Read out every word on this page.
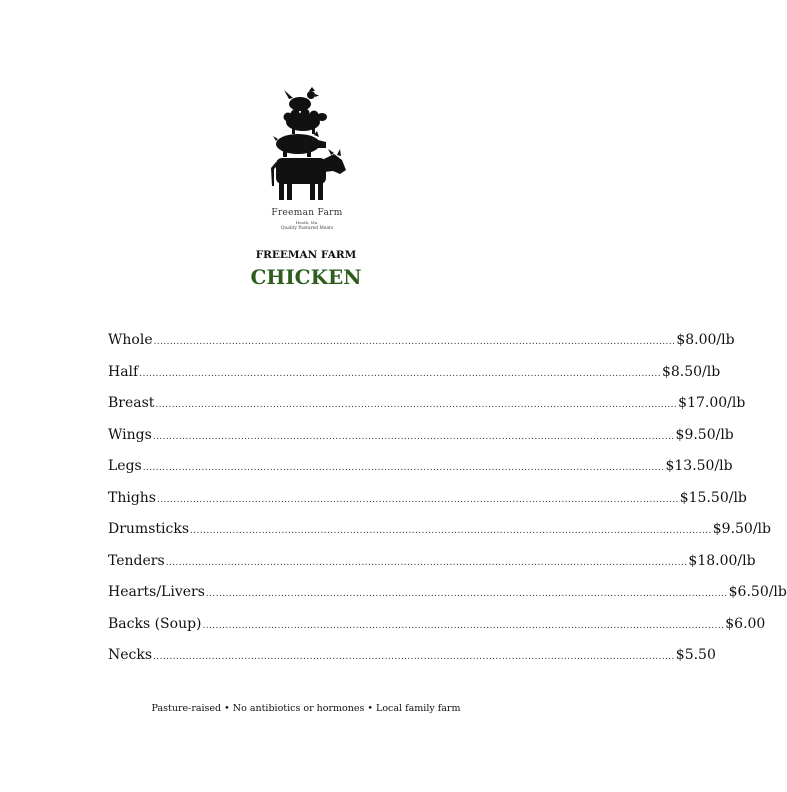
Freeman Farm
Heath, Ma.
Quality Pastured Meats
FREEMAN FARM
CHICKEN
Whole ................................................................................................................................................................ $8.00/lb
Half ................................................................................................................................................................ $8.50/lb
Breast ................................................................................................................................................................ $17.00/lb
Wings ................................................................................................................................................................ $9.50/lb
Legs ................................................................................................................................................................ $13.50/lb
Thighs ................................................................................................................................................................ $15.50/lb
Drumsticks ................................................................................................................................................................ $9.50/lb
Tenders ................................................................................................................................................................ $18.00/lb
Hearts/Livers ................................................................................................................................................................ $6.50/lb
Backs (Soup) ................................................................................................................................................................ $6.00
Necks ................................................................................................................................................................ $5.50
Pasture-raised • No antibiotics or hormones • Local family farm
